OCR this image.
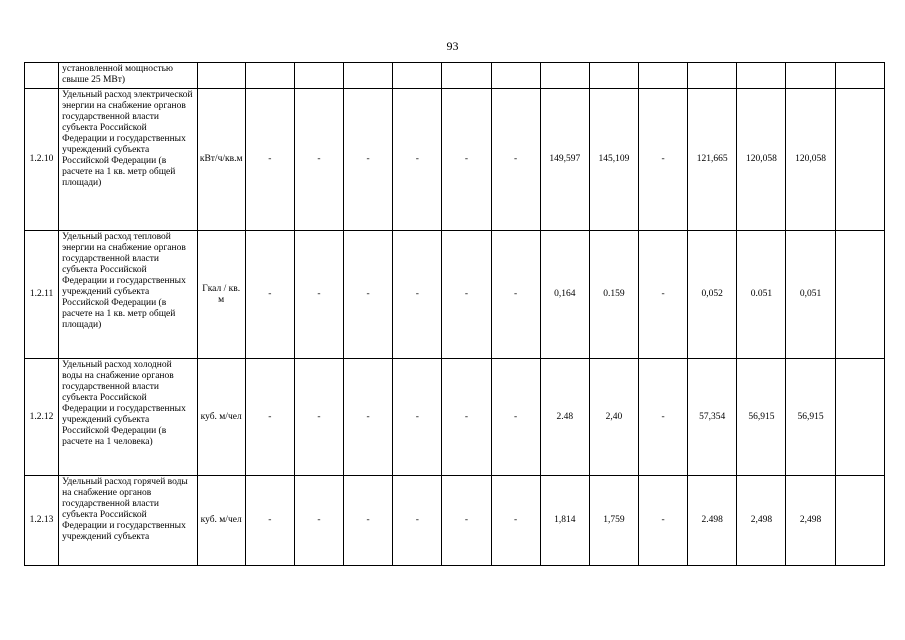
93
	установленной мощностью свыше 25 МВт)														
1.2.10	Удельный расход электрической энергии на снабжение органов государственной власти субъекта Российской Федерации и государственных учреждений субъекта Российской Федерации (в расчете на 1 кв. метр общей площади)	кВт/ч/кв.м	-	-	-	-	-	-	149,597	145,109	-	121,665	120,058	120,058	
1.2.11	Удельный расход тепловой энергии на снабжение органов государственной власти субъекта Российской Федерации и государственных учреждений субъекта Российской Федерации (в расчете на 1 кв. метр общей площади)	Гкал / кв. м	-	-	-	-	-	-	0,164	0.159	-	0,052	0.051	0,051	
1.2.12	Удельный расход холодной воды на снабжение органов государственной власти субъекта Российской Федерации и государственных учреждений субъекта Российской Федерации (в расчете на 1 человека)	куб. м/чел	-	-	-	-	-	-	2.48	2,40	-	57,354	56,915	56,915	
1.2.13	Удельный расход горячей воды на снабжение органов государственной власти субъекта Российской Федерации и государственных учреждений субъекта	куб. м/чел	-	-	-	-	-	-	1,814	1,759	-	2.498	2,498	2,498	
